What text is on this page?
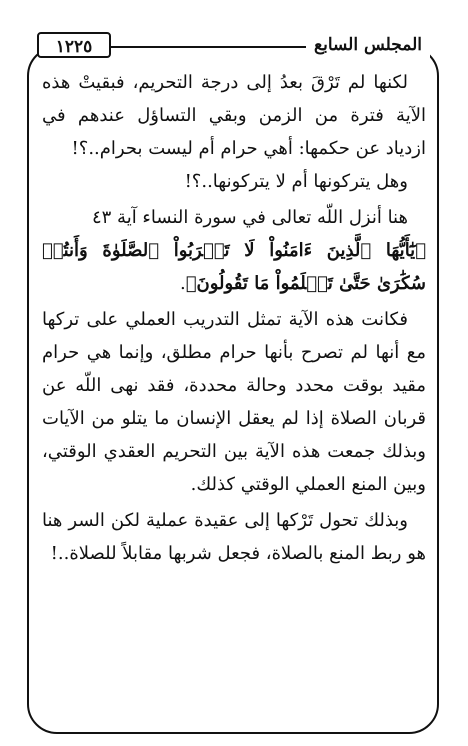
المجلس السابع
١٢٢٥

لكنها لم تَرْقَ بعدُ إلى درجة التحريم، فبقيتْ هذه الآية فترة من الزمن وبقي التساؤل عندهم في ازدياد عن حكمها: أهي حرام أم ليست بحرام..؟!

وهل يتركونها أم لا يتركونها..؟!

هنا أنزل اللّه تعالى في سورة النساء آية ٤٣

﴿يَٰٓأَيُّهَا ٱلَّذِينَ ءَامَنُواْ لَا تَقۡرَبُواْ ٱلصَّلَوٰةَ وَأَنتُمۡ سُكَٰرَىٰ حَتَّىٰ تَعۡلَمُواْ مَا تَقُولُونَ﴾.

فكانت هذه الآية تمثل التدريب العملي على تركها مع أنها لم تصرح بأنها حرام مطلق، وإنما هي حرام مقيد بوقت محدد وحالة محددة، فقد نهى اللّه عن قربان الصلاة إذا لم يعقل الإنسان ما يتلو من الآيات وبذلك جمعت هذه الآية بين التحريم العقدي الوقتي، وبين المنع العملي الوقتي كذلك.

وبذلك تحول تَرْكها إلى عقيدة عملية لكن السر هنا هو ربط المنع بالصلاة، فجعل شربها مقابلاً للصلاة..!
